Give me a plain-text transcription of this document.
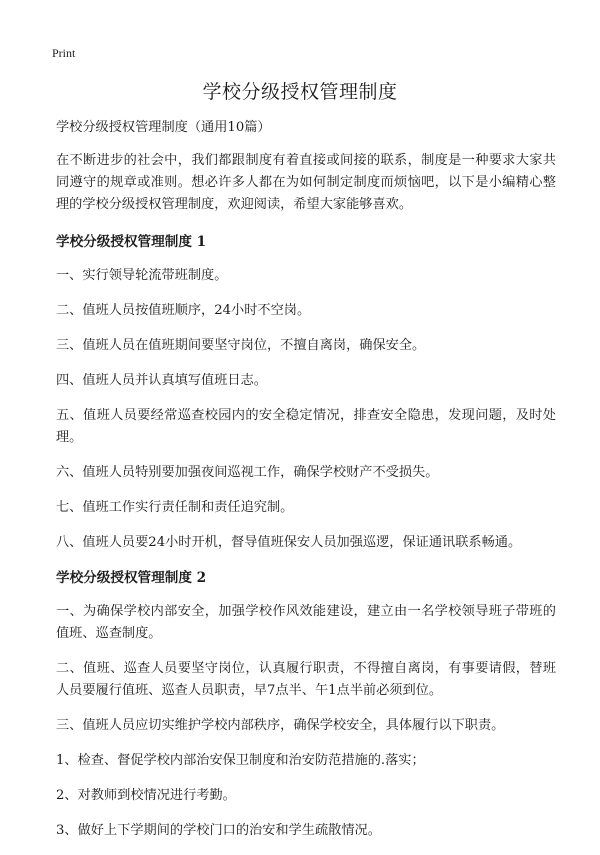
Print
学校分级授权管理制度

学校分级授权管理制度（通用10篇）

在不断进步的社会中，我们都跟制度有着直接或间接的联系，制度是一种要求大家共同遵守的规章或准则。想必许多人都在为如何制定制度而烦恼吧，以下是小编精心整理的学校分级授权管理制度，欢迎阅读，希望大家能够喜欢。

学校分级授权管理制度 1

一、实行领导轮流带班制度。

二、值班人员按值班顺序，24小时不空岗。

三、值班人员在值班期间要坚守岗位，不擅自离岗，确保安全。

四、值班人员并认真填写值班日志。

五、值班人员要经常巡查校园内的安全稳定情况，排查安全隐患，发现问题，及时处理。

六、值班人员特别要加强夜间巡视工作，确保学校财产不受损失。

七、值班工作实行责任制和责任追究制。

八、值班人员要24小时开机，督导值班保安人员加强巡逻，保证通讯联系畅通。

学校分级授权管理制度 2

一、为确保学校内部安全，加强学校作风效能建设，建立由一名学校领导班子带班的值班、巡查制度。

二、值班、巡查人员要坚守岗位，认真履行职责，不得擅自离岗，有事要请假，替班人员要履行值班、巡查人员职责，早7点半、午1点半前必须到位。

三、值班人员应切实维护学校内部秩序，确保学校安全，具体履行以下职责。

1、检查、督促学校内部治安保卫制度和治安防范措施的.落实；

2、对教师到校情况进行考勤。

3、做好上下学期间的学校门口的治安和学生疏散情况。
